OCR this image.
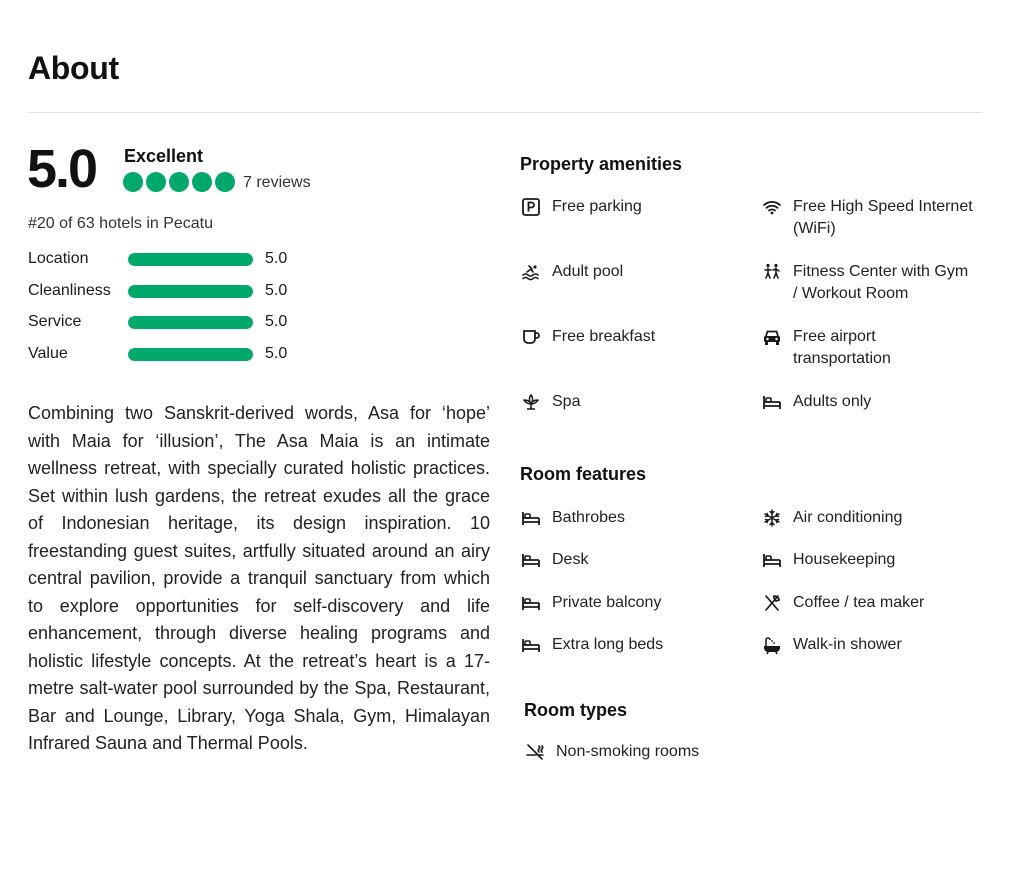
About
5.0 Excellent
7 reviews
#20 of 63 hotels in Pecatu
Location	5.0
Cleanliness	5.0
Service	5.0
Value	5.0

Combining two Sanskrit-derived words, Asa for ‘hope’ with Maia for ‘illusion’, The Asa Maia is an intimate wellness retreat, with specially curated holistic practices. Set within lush gardens, the retreat exudes all the grace of Indonesian heritage, its design inspiration. 10 freestanding guest suites, artfully situated around an airy central pavilion, provide a tranquil sanctuary from which to explore opportunities for self-discovery and life enhancement, through diverse healing programs and holistic lifestyle concepts. At the retreat’s heart is a 17-metre salt-water pool surrounded by the Spa, Restaurant, Bar and Lounge, Library, Yoga Shala, Gym, Himalayan Infrared Sauna and Thermal Pools.

Property amenities
Free parking	Free High Speed Internet (WiFi)
Adult pool	Fitness Center with Gym / Workout Room
Free breakfast	Free airport transportation
Spa	Adults only
Room features
Bathrobes	Air conditioning
Desk	Housekeeping
Private balcony	Coffee / tea maker
Extra long beds	Walk-in shower
Room types
Non-smoking rooms
